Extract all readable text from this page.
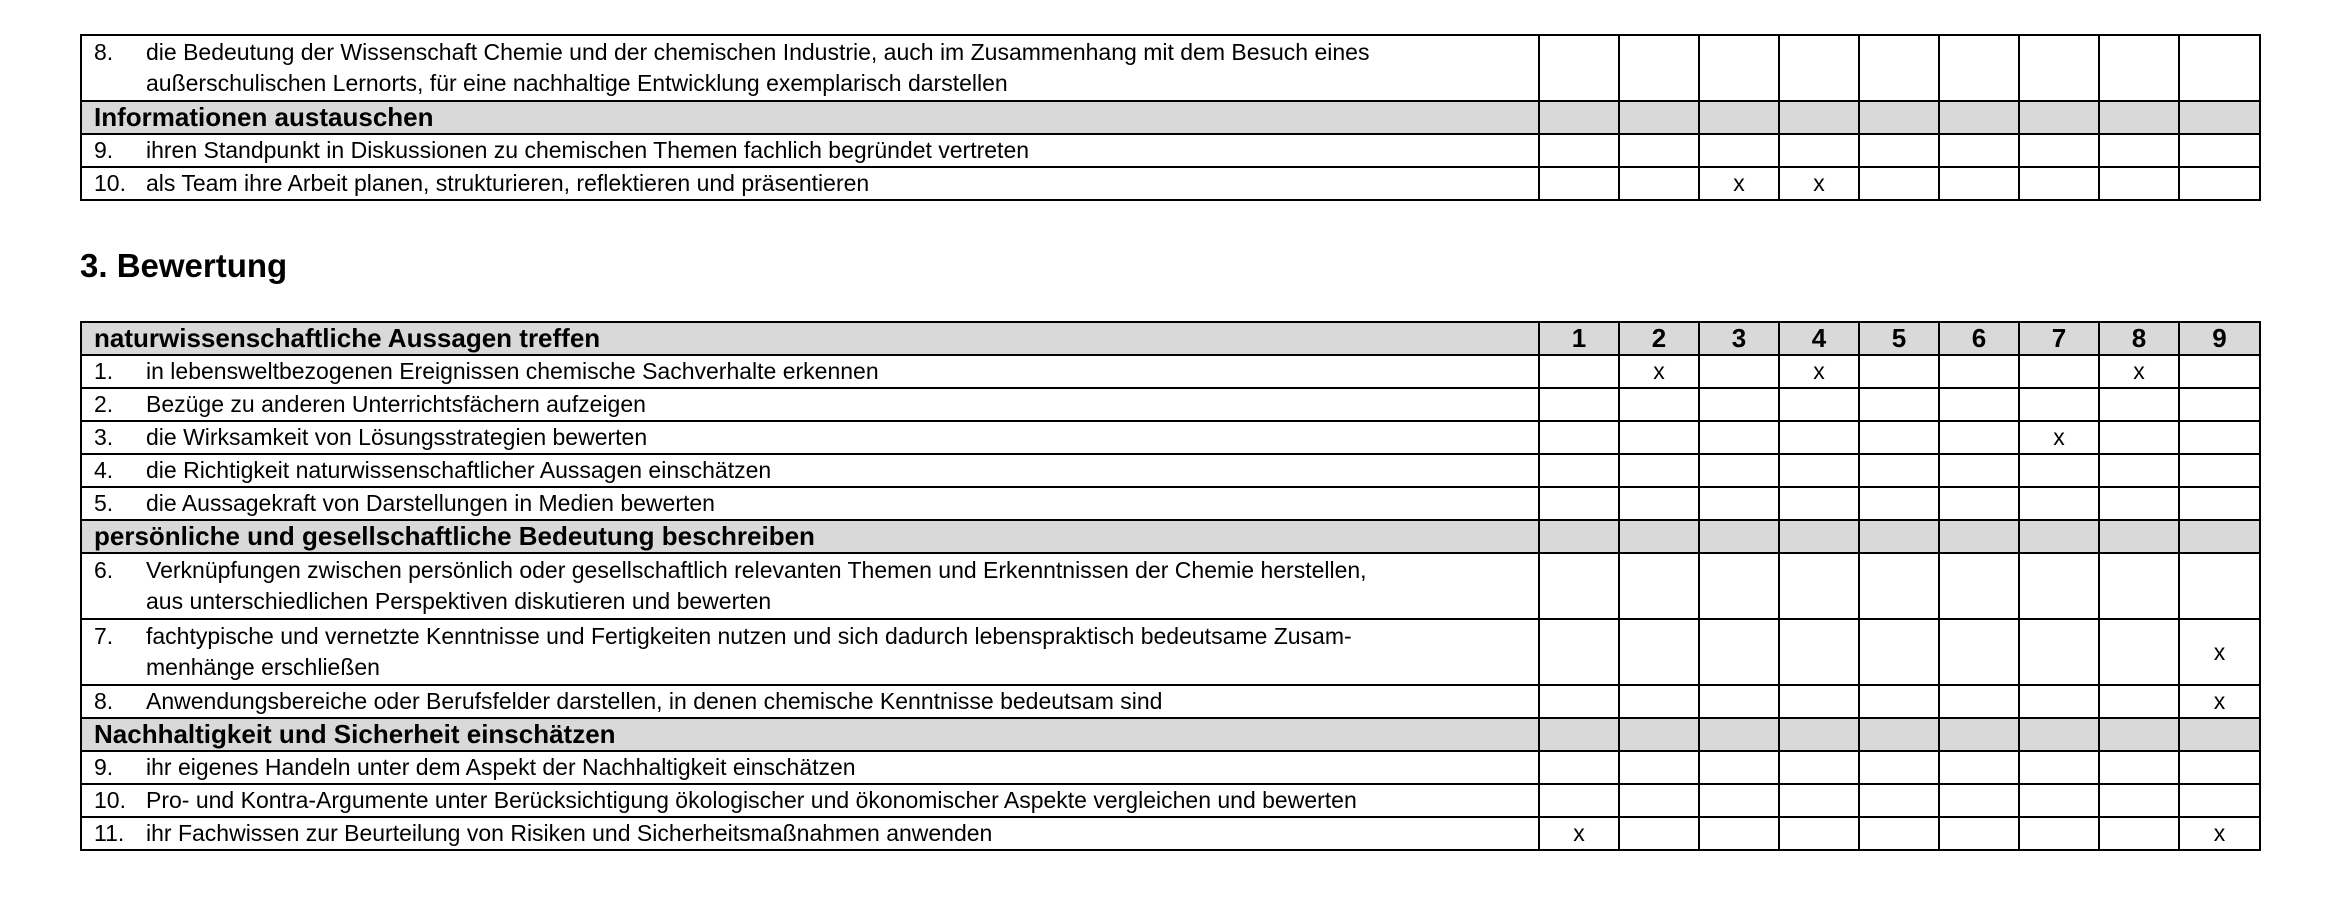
8. die Bedeutung der Wissenschaft Chemie und der chemischen Industrie, auch im Zusammenhang mit dem Besuch eines
außerschulischen Lernorts, für eine nachhaltige Entwicklung exemplarisch darstellen									

Informationen austauschen									

9. ihren Standpunkt in Diskussionen zu chemischen Themen fachlich begründet vertreten									

10. als Team ihre Arbeit planen, strukturieren, reflektieren und präsentieren			x	x					
3. Bewertung
naturwissenschaftliche Aussagen treffen	1	2	3	4	5	6	7	8	9

1. in lebensweltbezogenen Ereignissen chemische Sachverhalte erkennen		x		x				x	

2. Bezüge zu anderen Unterrichtsfächern aufzeigen									

3. die Wirksamkeit von Lösungsstrategien bewerten							x		

4. die Richtigkeit naturwissenschaftlicher Aussagen einschätzen									

5. die Aussagekraft von Darstellungen in Medien bewerten									

persönliche und gesellschaftliche Bedeutung beschreiben									

6. Verknüpfungen zwischen persönlich oder gesellschaftlich relevanten Themen und Erkenntnissen der Chemie herstellen,
aus unterschiedlichen Perspektiven diskutieren und bewerten									

7. fachtypische und vernetzte Kenntnisse und Fertigkeiten nutzen und sich dadurch lebenspraktisch bedeutsame Zusam-
menhänge erschließen									x

8. Anwendungsbereiche oder Berufsfelder darstellen, in denen chemische Kenntnisse bedeutsam sind									x
Nachhaltigkeit und Sicherheit einschätzen									

9. ihr eigenes Handeln unter dem Aspekt der Nachhaltigkeit einschätzen									

10. Pro- und Kontra-Argumente unter Berücksichtigung ökologischer und ökonomischer Aspekte vergleichen und bewerten									

11. ihr Fachwissen zur Beurteilung von Risiken und Sicherheitsmaßnahmen anwenden	x								x
